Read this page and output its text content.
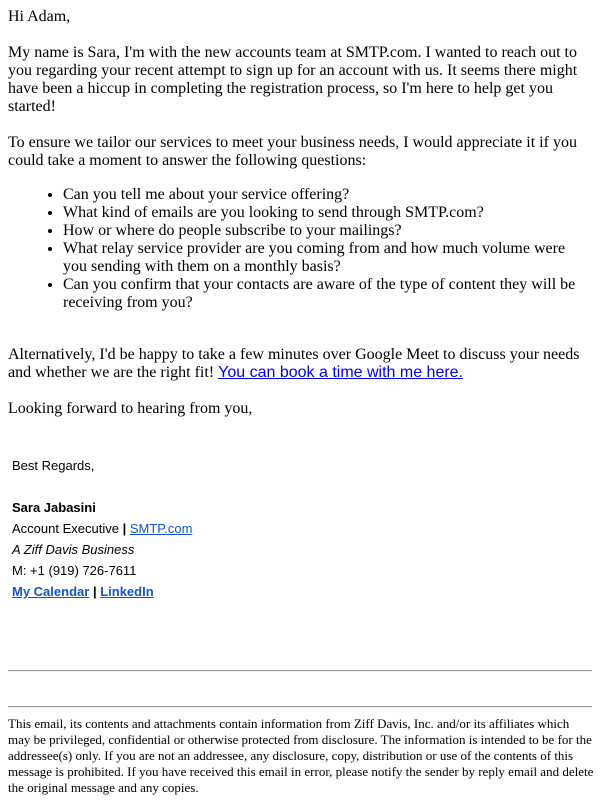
Hi Adam,

My name is Sara, I'm with the new accounts team at SMTP.com. I wanted to reach out to you regarding your recent attempt to sign up for an account with us. It seems there might have been a hiccup in completing the registration process, so I'm here to help get you started!

To ensure we tailor our services to meet your business needs, I would appreciate it if you could take a moment to answer the following questions:

• Can you tell me about your service offering?
• What kind of emails are you looking to send through SMTP.com?
• How or where do people subscribe to your mailings?
• What relay service provider are you coming from and how much volume were you sending with them on a monthly basis?
• Can you confirm that your contacts are aware of the type of content they will be receiving from you?

Alternatively, I'd be happy to take a few minutes over Google Meet to discuss your needs and whether we are the right fit! You can book a time with me here.

Looking forward to hearing from you,

Best Regards,
Sara Jabasini
Account Executive | SMTP.com
A Ziff Davis Business
M: +1 (919) 726-7611
My Calendar | LinkedIn

This email, its contents and attachments contain information from Ziff Davis, Inc. and/or its affiliates which may be privileged, confidential or otherwise protected from disclosure. The information is intended to be for the addressee(s) only. If you are not an addressee, any disclosure, copy, distribution or use of the contents of this message is prohibited. If you have received this email in error, please notify the sender by reply email and delete the original message and any copies.
